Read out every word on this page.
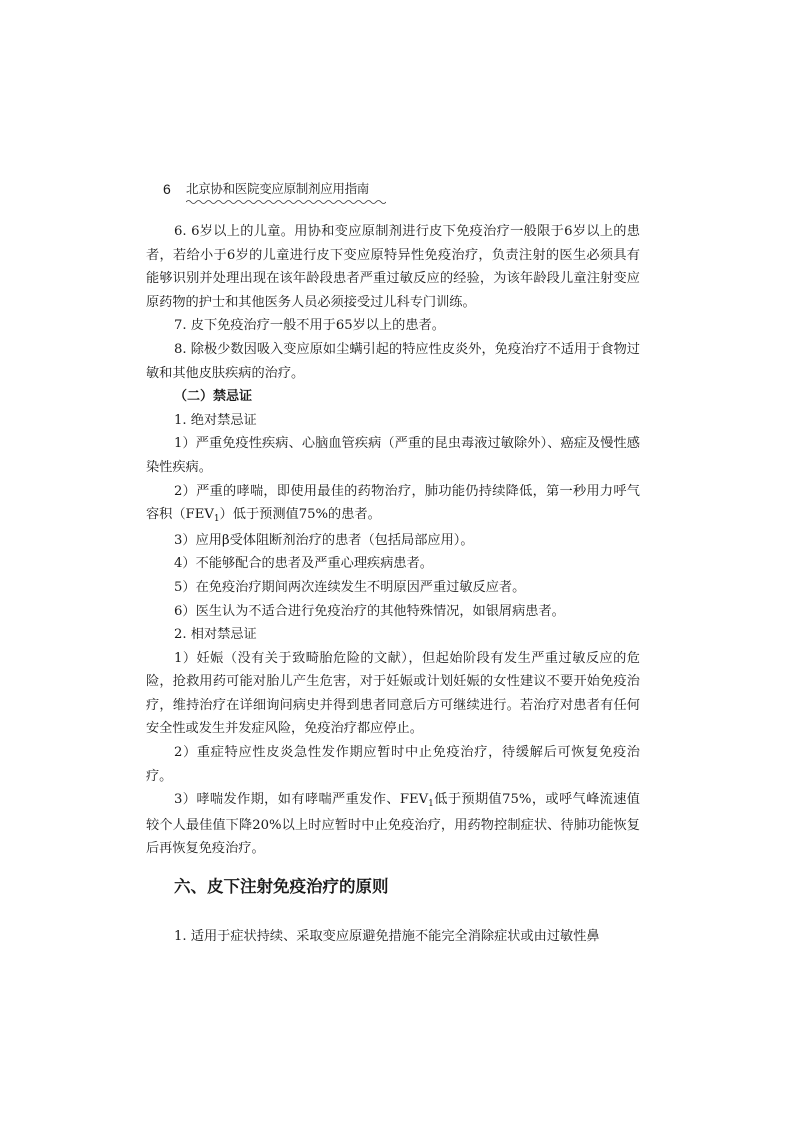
6 北京协和医院变应原制剂应用指南

6. 6岁以上的儿童。用协和变应原制剂进行皮下免疫治疗一般限于6岁以上的患者，若给小于6岁的儿童进行皮下变应原特异性免疫治疗，负责注射的医生必须具有能够识别并处理出现在该年龄段患者严重过敏反应的经验，为该年龄段儿童注射变应原药物的护士和其他医务人员必须接受过儿科专门训练。

7. 皮下免疫治疗一般不用于65岁以上的患者。

8. 除极少数因吸入变应原如尘螨引起的特应性皮炎外，免疫治疗不适用于食物过敏和其他皮肤疾病的治疗。

（二）禁忌证

1. 绝对禁忌证

1）严重免疫性疾病、心脑血管疾病（严重的昆虫毒液过敏除外）、癌症及慢性感染性疾病。

2）严重的哮喘，即使用最佳的药物治疗，肺功能仍持续降低，第一秒用力呼气容积$(FEV_1)$低于预测值75%的患者。

3）应用β受体阻断剂治疗的患者（包括局部应用）。

4）不能够配合的患者及严重心理疾病患者。

5）在免疫治疗期间两次连续发生不明原因严重过敏反应者。

6）医生认为不适合进行免疫治疗的其他特殊情况，如银屑病患者。

2. 相对禁忌证

1）妊娠（没有关于致畸胎危险的文献），但起始阶段有发生严重过敏反应的危险，抢救用药可能对胎儿产生危害，对于妊娠或计划妊娠的女性建议不要开始免疫治疗，维持治疗在详细询问病史并得到患者同意后方可继续进行。若治疗对患者有任何安全性或发生并发症风险，免疫治疗都应停止。

2）重症特应性皮炎急性发作期应暂时中止免疫治疗，待缓解后可恢复免疫治疗。

3）哮喘发作期，如有哮喘严重发作、$FEV_1$低于预期值75%，或呼气峰流速值较个人最佳值下降20%以上时应暂时中止免疫治疗，用药物控制症状、待肺功能恢复后再恢复免疫治疗。

六、皮下注射免疫治疗的原则

1. 适用于症状持续、采取变应原避免措施不能完全消除症状或由过敏性鼻
